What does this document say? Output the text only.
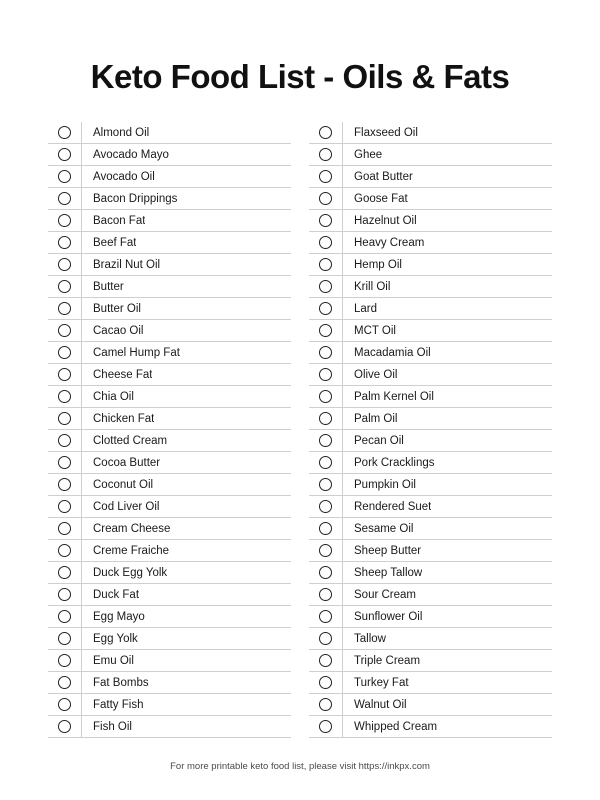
Keto Food List - Oils & Fats
Almond Oil
Avocado Mayo
Avocado Oil
Bacon Drippings
Bacon Fat
Beef Fat
Brazil Nut Oil
Butter
Butter Oil
Cacao Oil
Camel Hump Fat
Cheese Fat
Chia Oil
Chicken Fat
Clotted Cream
Cocoa Butter
Coconut Oil
Cod Liver Oil
Cream Cheese
Creme Fraiche
Duck Egg Yolk
Duck Fat
Egg Mayo
Egg Yolk
Emu Oil
Fat Bombs
Fatty Fish
Fish Oil
Flaxseed Oil
Ghee
Goat Butter
Goose Fat
Hazelnut Oil
Heavy Cream
Hemp Oil
Krill Oil
Lard
MCT Oil
Macadamia Oil
Olive Oil
Palm Kernel Oil
Palm Oil
Pecan Oil
Pork Cracklings
Pumpkin Oil
Rendered Suet
Sesame Oil
Sheep Butter
Sheep Tallow
Sour Cream
Sunflower Oil
Tallow
Triple Cream
Turkey Fat
Walnut Oil
Whipped Cream
For more printable keto food list, please visit https://inkpx.com
